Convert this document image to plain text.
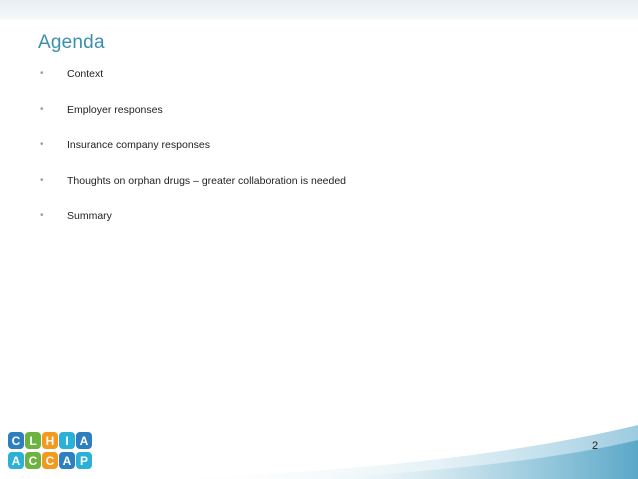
Agenda
•	Context
•	Employer responses
•	Insurance company responses
•	Thoughts on orphan drugs – greater collaboration is needed
•	Summary
2
C L H I A
A C C A P
